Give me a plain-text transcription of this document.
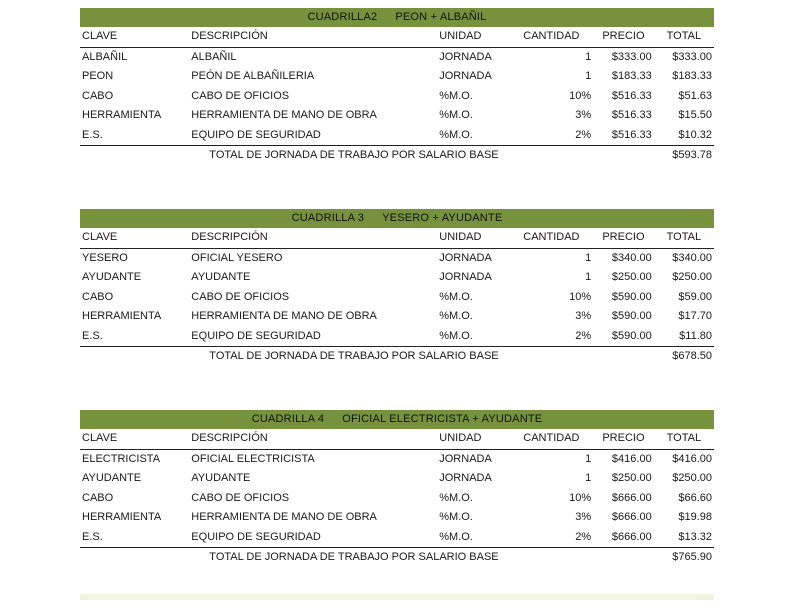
CUADRILLA2 PEON + ALBAÑIL
CLAVE	DESCRIPCIÓN	UNIDAD	CANTIDAD	PRECIO	TOTAL
ALBAÑIL	ALBAÑIL	JORNADA	1	$333.00	$333.00
PEON	PEÓN DE ALBAÑILERIA	JORNADA	1	$183.33	$183.33
CABO	CABO DE OFICIOS	%M.O.	10%	$516.33	$51.63
HERRAMIENTA	HERRAMIENTA DE MANO DE OBRA	%M.O.	3%	$516.33	$15.50
E.S.	EQUIPO DE SEGURIDAD	%M.O.	2%	$516.33	$10.32
	TOTAL DE JORNADA DE TRABAJO POR SALARIO BASE				$593.78
CUADRILLA 3 YESERO + AYUDANTE
CLAVE	DESCRIPCIÓN	UNIDAD	CANTIDAD	PRECIO	TOTAL
YESERO	OFICIAL YESERO	JORNADA	1	$340.00	$340.00
AYUDANTE	AYUDANTE	JORNADA	1	$250.00	$250.00
CABO	CABO DE OFICIOS	%M.O.	10%	$590.00	$59.00
HERRAMIENTA	HERRAMIENTA DE MANO DE OBRA	%M.O.	3%	$590.00	$17.70
E.S.	EQUIPO DE SEGURIDAD	%M.O.	2%	$590.00	$11.80
	TOTAL DE JORNADA DE TRABAJO POR SALARIO BASE				$678.50
CUADRILLA 4 OFICIAL ELECTRICISTA + AYUDANTE
CLAVE	DESCRIPCIÓN	UNIDAD	CANTIDAD	PRECIO	TOTAL
ELECTRICISTA	OFICIAL ELECTRICISTA	JORNADA	1	$416.00	$416.00
AYUDANTE	AYUDANTE	JORNADA	1	$250.00	$250.00
CABO	CABO DE OFICIOS	%M.O.	10%	$666.00	$66.60
HERRAMIENTA	HERRAMIENTA DE MANO DE OBRA	%M.O.	3%	$666.00	$19.98
E.S.	EQUIPO DE SEGURIDAD	%M.O.	2%	$666.00	$13.32
	TOTAL DE JORNADA DE TRABAJO POR SALARIO BASE				$765.90
